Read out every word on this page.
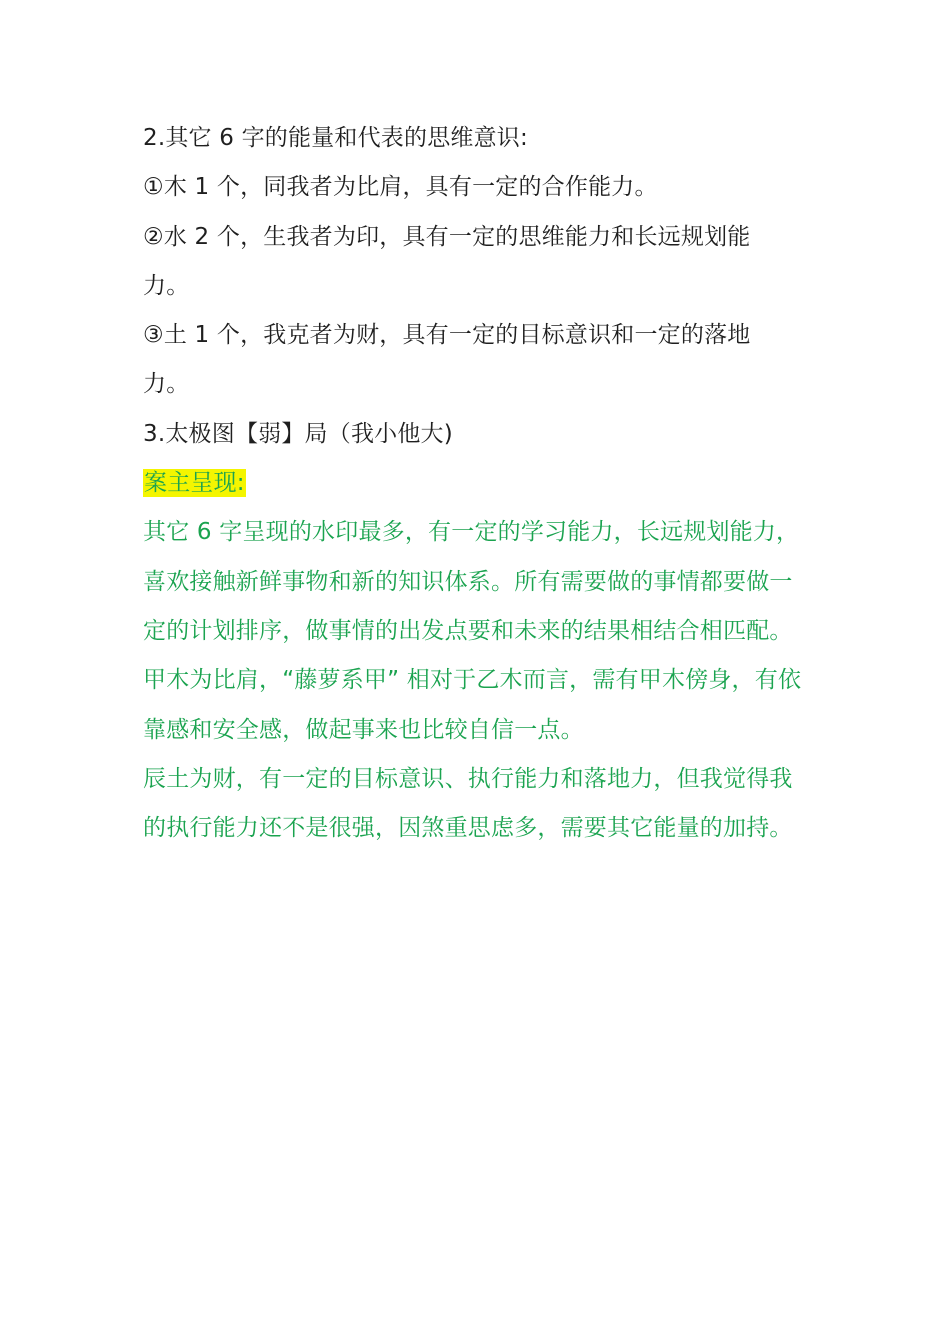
2.其它 6 字的能量和代表的思维意识:
①木 1 个，同我者为比肩，具有一定的合作能力。
②水 2 个，生我者为印，具有一定的思维能力和长远规划能
力。
③土 1 个，我克者为财，具有一定的目标意识和一定的落地
力。
3.太极图【弱】局（我小他大)
案主呈现:
其它 6 字呈现的水印最多，有一定的学习能力，长远规划能力，
喜欢接触新鲜事物和新的知识体系。所有需要做的事情都要做一
定的计划排序，做事情的出发点要和未来的结果相结合相匹配。
甲木为比肩，“藤萝系甲” 相对于乙木而言，需有甲木傍身，有依
靠感和安全感，做起事来也比较自信一点。
辰土为财，有一定的目标意识、执行能力和落地力，但我觉得我
的执行能力还不是很强，因煞重思虑多，需要其它能量的加持。
